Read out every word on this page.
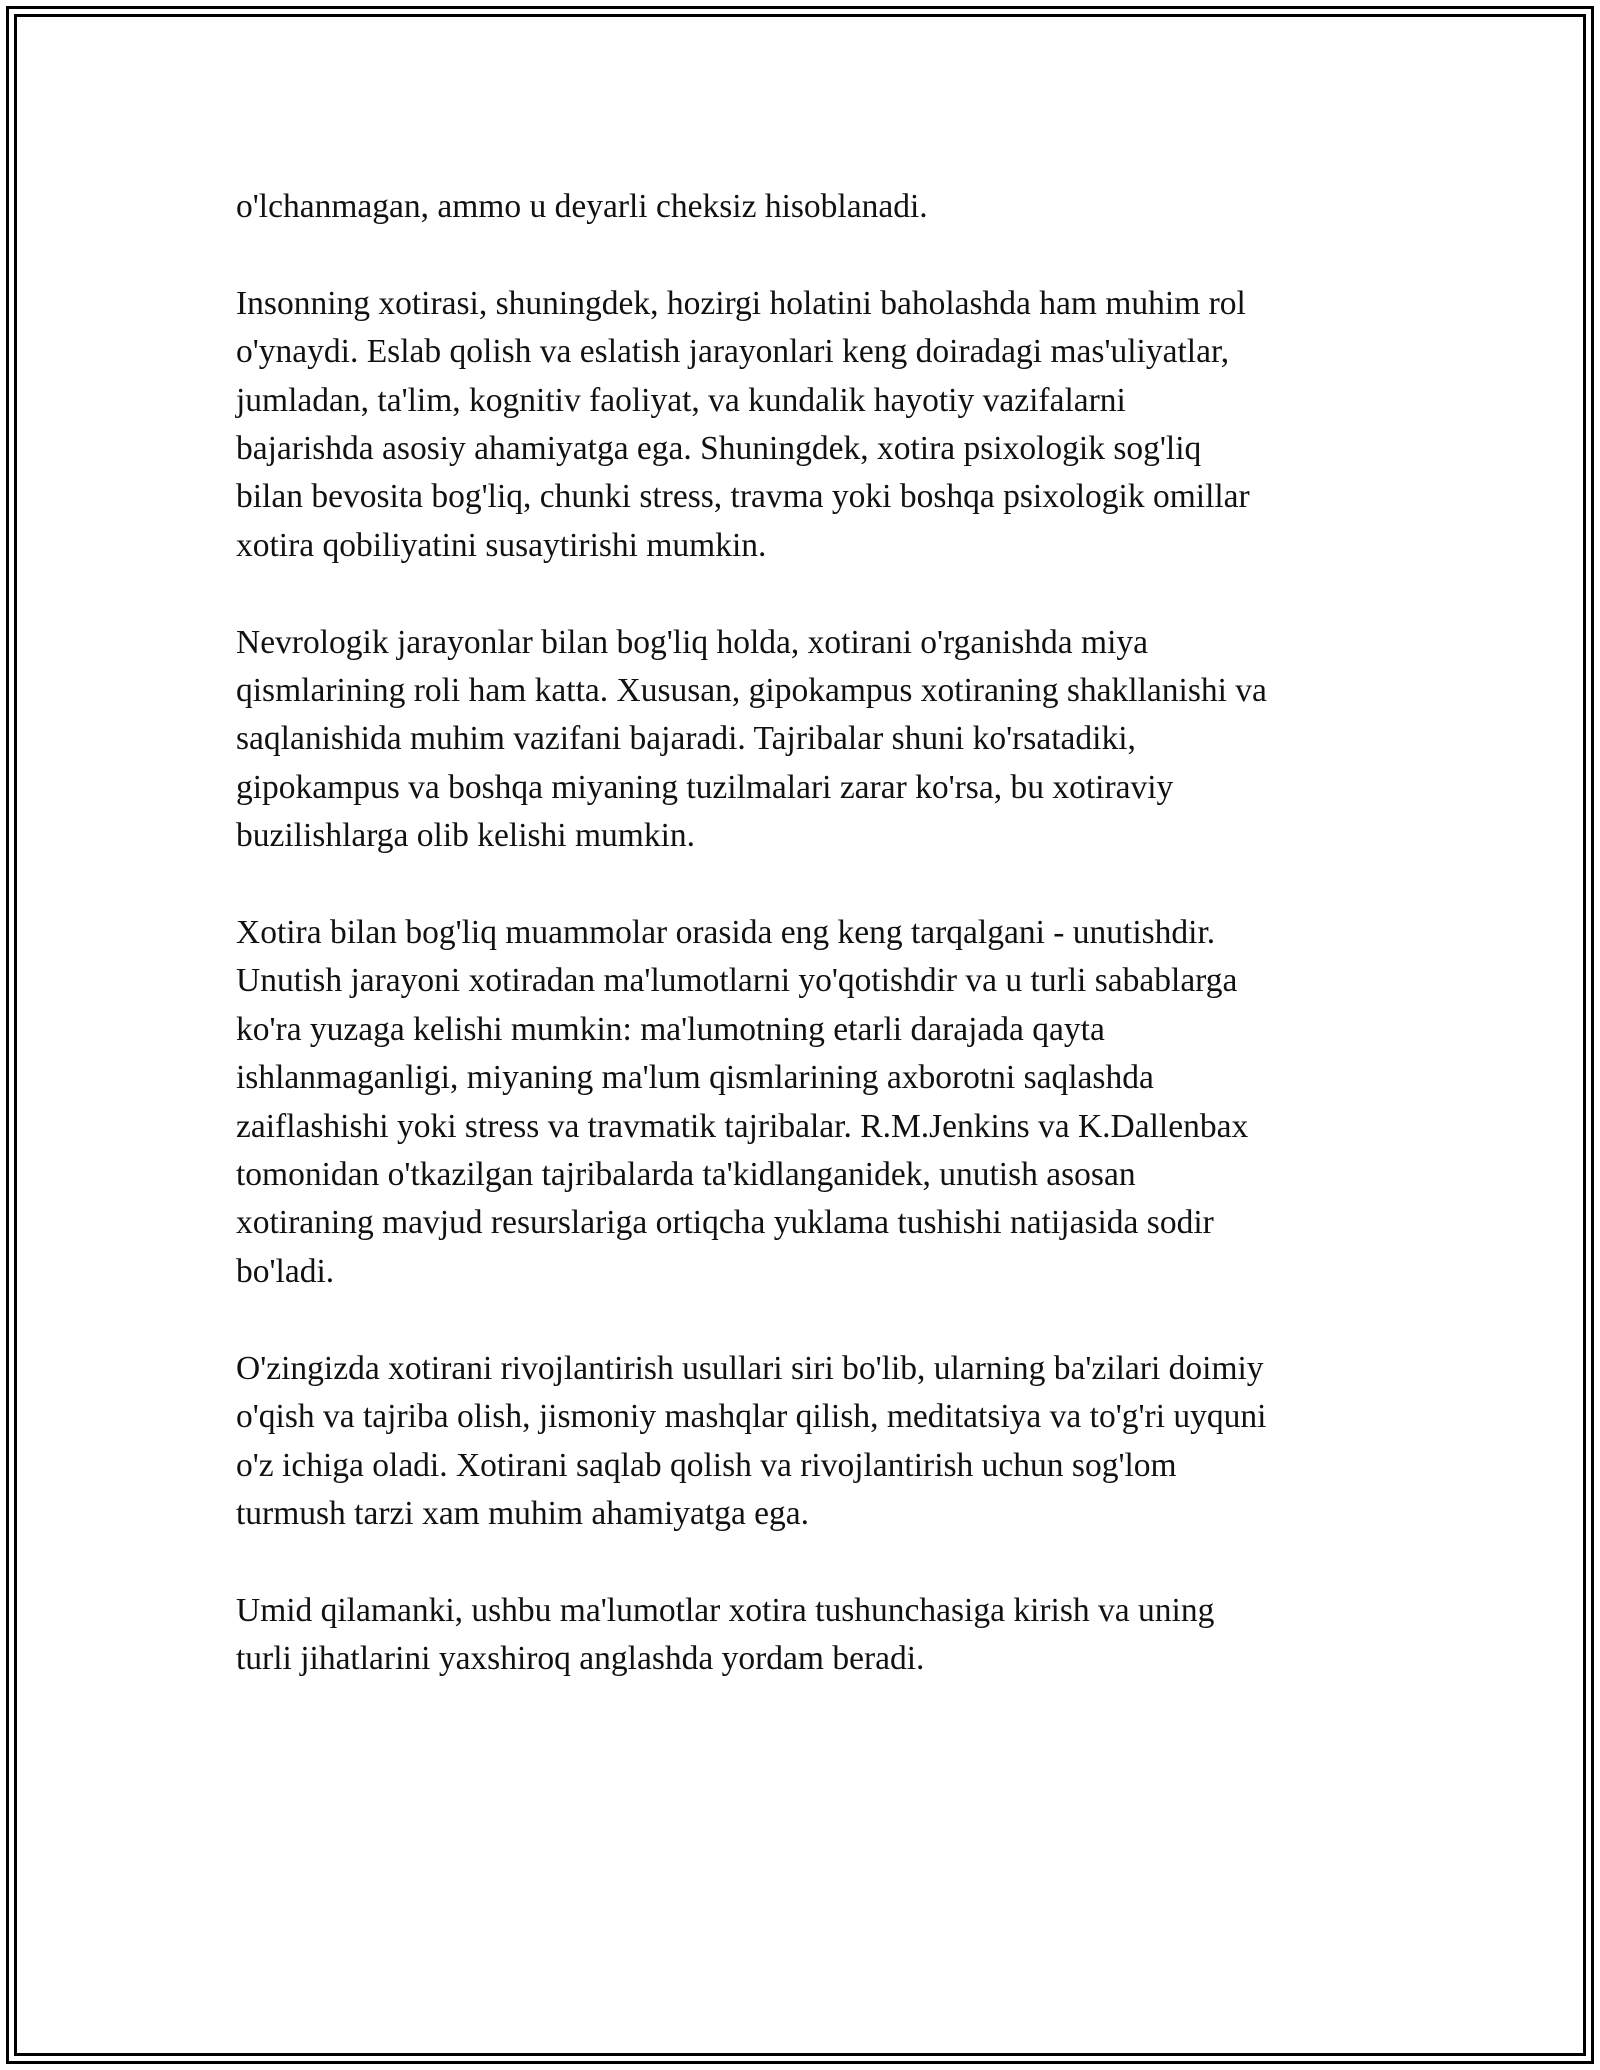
o'lchanmagan, ammo u deyarli cheksiz hisoblanadi.
Insonning xotirasi, shuningdek, hozirgi holatini baholashda ham muhim rol
o'ynaydi. Eslab qolish va eslatish jarayonlari keng doiradagi mas'uliyatlar,
jumladan, ta'lim, kognitiv faoliyat, va kundalik hayotiy vazifalarni
bajarishda asosiy ahamiyatga ega. Shuningdek, xotira psixologik sog'liq
bilan bevosita bog'liq, chunki stress, travma yoki boshqa psixologik omillar
xotira qobiliyatini susaytirishi mumkin.
Nevrologik jarayonlar bilan bog'liq holda, xotirani o'rganishda miya
qismlarining roli ham katta. Xususan, gipokampus xotiraning shakllanishi va
saqlanishida muhim vazifani bajaradi. Tajribalar shuni ko'rsatadiki,
gipokampus va boshqa miyaning tuzilmalari zarar ko'rsa, bu xotiraviy
buzilishlarga olib kelishi mumkin.
Xotira bilan bog'liq muammolar orasida eng keng tarqalgani - unutishdir.
Unutish jarayoni xotiradan ma'lumotlarni yo'qotishdir va u turli sabablarga
ko'ra yuzaga kelishi mumkin: ma'lumotning etarli darajada qayta
ishlanmaganligi, miyaning ma'lum qismlarining axborotni saqlashda
zaiflashishi yoki stress va travmatik tajribalar. R.M.Jenkins va K.Dallenbax
tomonidan o'tkazilgan tajribalarda ta'kidlanganidek, unutish asosan
xotiraning mavjud resurslariga ortiqcha yuklama tushishi natijasida sodir
bo'ladi.
O'zingizda xotirani rivojlantirish usullari siri bo'lib, ularning ba'zilari doimiy
o'qish va tajriba olish, jismoniy mashqlar qilish, meditatsiya va to'g'ri uyquni
o'z ichiga oladi. Xotirani saqlab qolish va rivojlantirish uchun sog'lom
turmush tarzi xam muhim ahamiyatga ega.
Umid qilamanki, ushbu ma'lumotlar xotira tushunchasiga kirish va uning
turli jihatlarini yaxshiroq anglashda yordam beradi.
